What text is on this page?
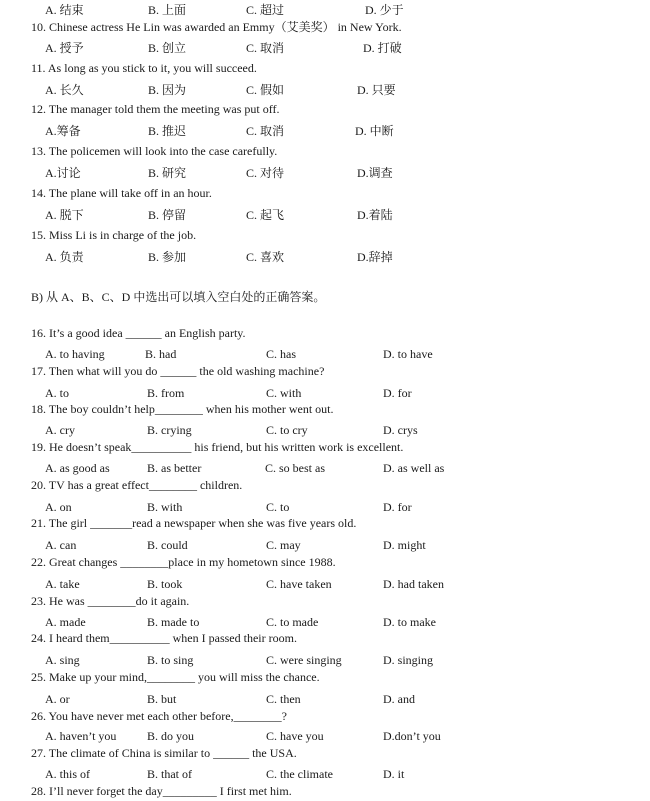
A. 结束	B. 上面	C. 超过	D. 少于
10. Chinese actress He Lin was awarded an Emmy（艾美奖） in New York.
A. 授予	B. 创立	C. 取消	D. 打破
11. As long as you stick to it, you will succeed.
A. 长久	B. 因为	C. 假如	D. 只要
12. The manager told them the meeting was put off.
A.筹备	B. 推迟	C. 取消	D. 中断
13. The policemen will look into the case carefully.
A.讨论	B. 研究	C. 对待	D.调查
14. The plane will take off in an hour.
A. 脱下	B. 停留	C. 起飞	D.着陆
15. Miss Li is in charge of the job.
A. 负责	B. 参加	C. 喜欢	D.辞掉
B) 从 A、B、C、D 中选出可以填入空白处的正确答案。
16. It’s a good idea ______ an English party.
A. to having	B. had	C. has	D. to have
17. Then what will you do ______ the old washing machine?
A. to	B. from	C. with	D. for
18. The boy couldn’t help________ when his mother went out.
A. cry	B. crying	C. to cry	D. crys
19. He doesn’t speak__________ his friend, but his written work is excellent.
A. as good as	B. as better	C. so best as	D. as well as
20. TV has a great effect________ children.
A. on	B. with	C. to	D. for
21. The girl _______read a newspaper when she was five years old.
A. can	B. could	C. may	D. might
22. Great changes ________place in my hometown since 1988.
A. take	B. took	C. have taken	D. had taken
23. He was ________do it again.
A. made	B. made to	C. to made	D. to make
24. I heard them__________ when I passed their room.
A. sing	B. to sing	C. were singing	D. singing
25. Make up your mind,________ you will miss the chance.
A. or	B. but	C. then	D. and
26. You have never met each other before,________?
A. haven’t you	B. do you	C. have you	D.don’t you
27. The climate of China is similar to ______ the USA.
A. this of	B. that of	C. the climate	D. it
28. I’ll never forget the day_________ I first met him.
